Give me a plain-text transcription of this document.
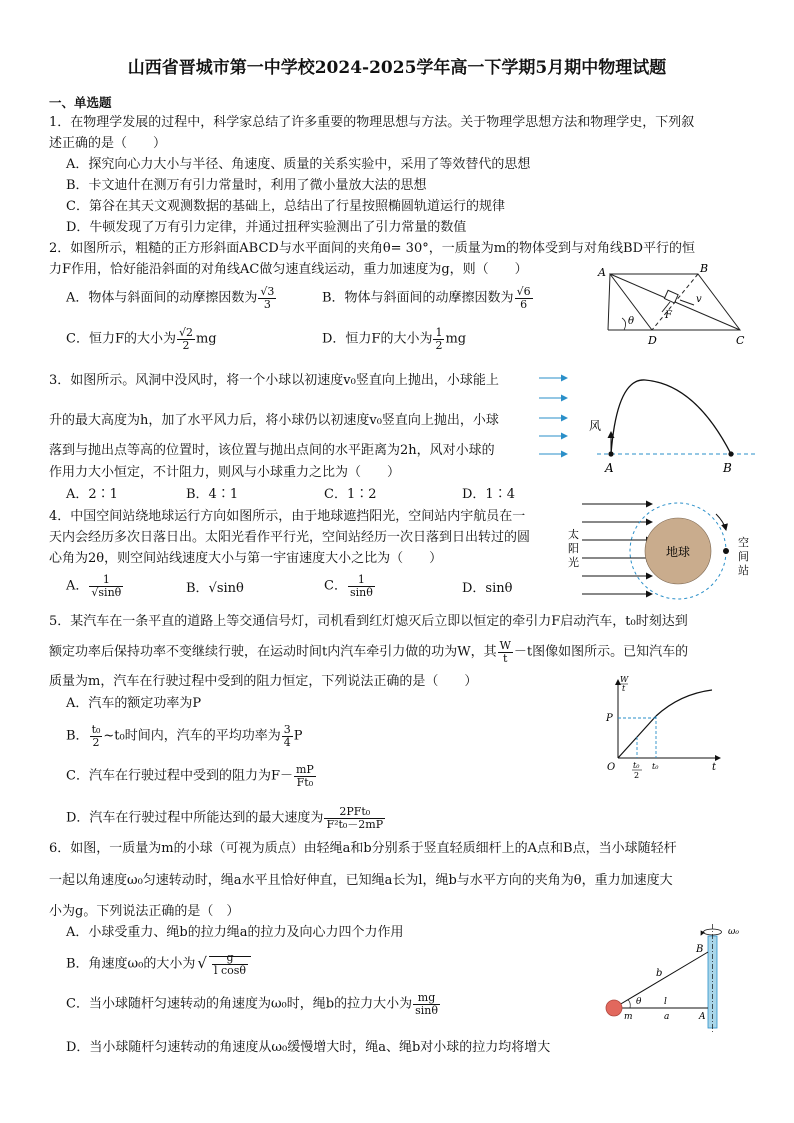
山西省晋城市第一中学校2024-2025学年高一下学期5月期中物理试题
一、单选题
1．在物理学发展的过程中，科学家总结了许多重要的物理思想与方法。关于物理学思想方法和物理学史，下列叙
述正确的是（　　）
A．探究向心力大小与半径、角速度、质量的关系实验中，采用了等效替代的思想
B．卡文迪什在测万有引力常量时，利用了微小量放大法的思想
C．第谷在其天文观测数据的基础上，总结出了行星按照椭圆轨道运行的规律
D．牛顿发现了万有引力定律，并通过扭秤实验测出了引力常量的数值
2．如图所示，粗糙的正方形斜面ABCD与水平面间的夹角θ= 30°，一质量为m的物体受到与对角线BD平行的恒
力F作用，恰好能沿斜面的对角线AC做匀速直线运动，重力加速度为g，则（　　）
A．物体与斜面间的动摩擦因数为 $\frac{√3}{3}$	B．物体与斜面间的动摩擦因数为 $\frac{√6}{6}$
C．恒力F的大小为 $\frac{√2}{2}$ mg	D．恒力F的大小为 $\frac{1}{2}$ mg
A	B
C
D
θ
F
v
3．如图所示。风洞中没风时，将一个小球以初速度v₀竖直向上抛出，小球能上
升的最大高度为h，加了水平风力后，将小球仍以初速度v₀竖直向上抛出，小球
落到与抛出点等高的位置时，该位置与抛出点间的水平距离为2h，风对小球的
作用力大小恒定，不计阻力，则风与小球重力之比为（　　）
A．2∶1	B．4∶1	C．1∶2	D．1∶4
风
A	B
4．中国空间站绕地球运行方向如图所示，由于地球遮挡阳光，空间站内宇航员在一
天内会经历多次日落日出。太阳光看作平行光，空间站经历一次日落到日出转过的圆
心角为2θ，则空间站线速度大小与第一宇宙速度大小之比为（　　）
A． $\frac{1}{√\sin\theta}$	B．√sinθ	C． $\frac{1}{\sin\theta}$	D．sinθ
太
阳
光
地球
空
间
站
5．某汽车在一条平直的道路上等交通信号灯，司机看到红灯熄灭后立即以恒定的牵引力F启动汽车，t₀时刻达到
额定功率后保持功率不变继续行驶，在运动时间t内汽车牵引力做的功为W，其 $\frac{W}{t} -t$图像如图所示。已知汽车的
质量为m，汽车在行驶过程中受到的阻力恒定，下列说法正确的是（　　）
A．汽车的额定功率为P
B． $\frac{\text{t₀}}{2}$ ~t₀时间内，汽车的平均功率为 $\frac{3}{4}$ P
C．汽车在行驶过程中受到的阻力为$F- \frac{mP}{\text{Ft₀}}$
D．汽车在行驶过程中所能达到的最大速度为 $\frac{\text{2PFt₀}}{\text{F²t₀－2mP}}$
W
t
P
O t₀
2
t₀	t
6．如图，一质量为m的小球（可视为质点）由轻绳a和b分别系于竖直轻质细杆上的A点和B点，当小球随轻杆
一起以角速度ω₀匀速转动时，绳a水平且恰好伸直，已知绳a长为l，绳b与水平方向的夹角为θ，重力加速度大
小为g。下列说法正确的是（　）
A．小球受重力、绳b的拉力绳a的拉力及向心力四个力作用
B．角速度ω₀的大小为 √ $\frac{g}{\text{l cosθ}}$
C．当小球随杆匀速转动的角速度为ω₀时，绳b的拉力大小为 $\frac{mg}{\sin\theta}$
D．当小球随杆匀速转动的角速度从ω₀缓慢增大时，绳a、绳b对小球的拉力均将增大
ω₀
B
b
θ	l
m	a	A
